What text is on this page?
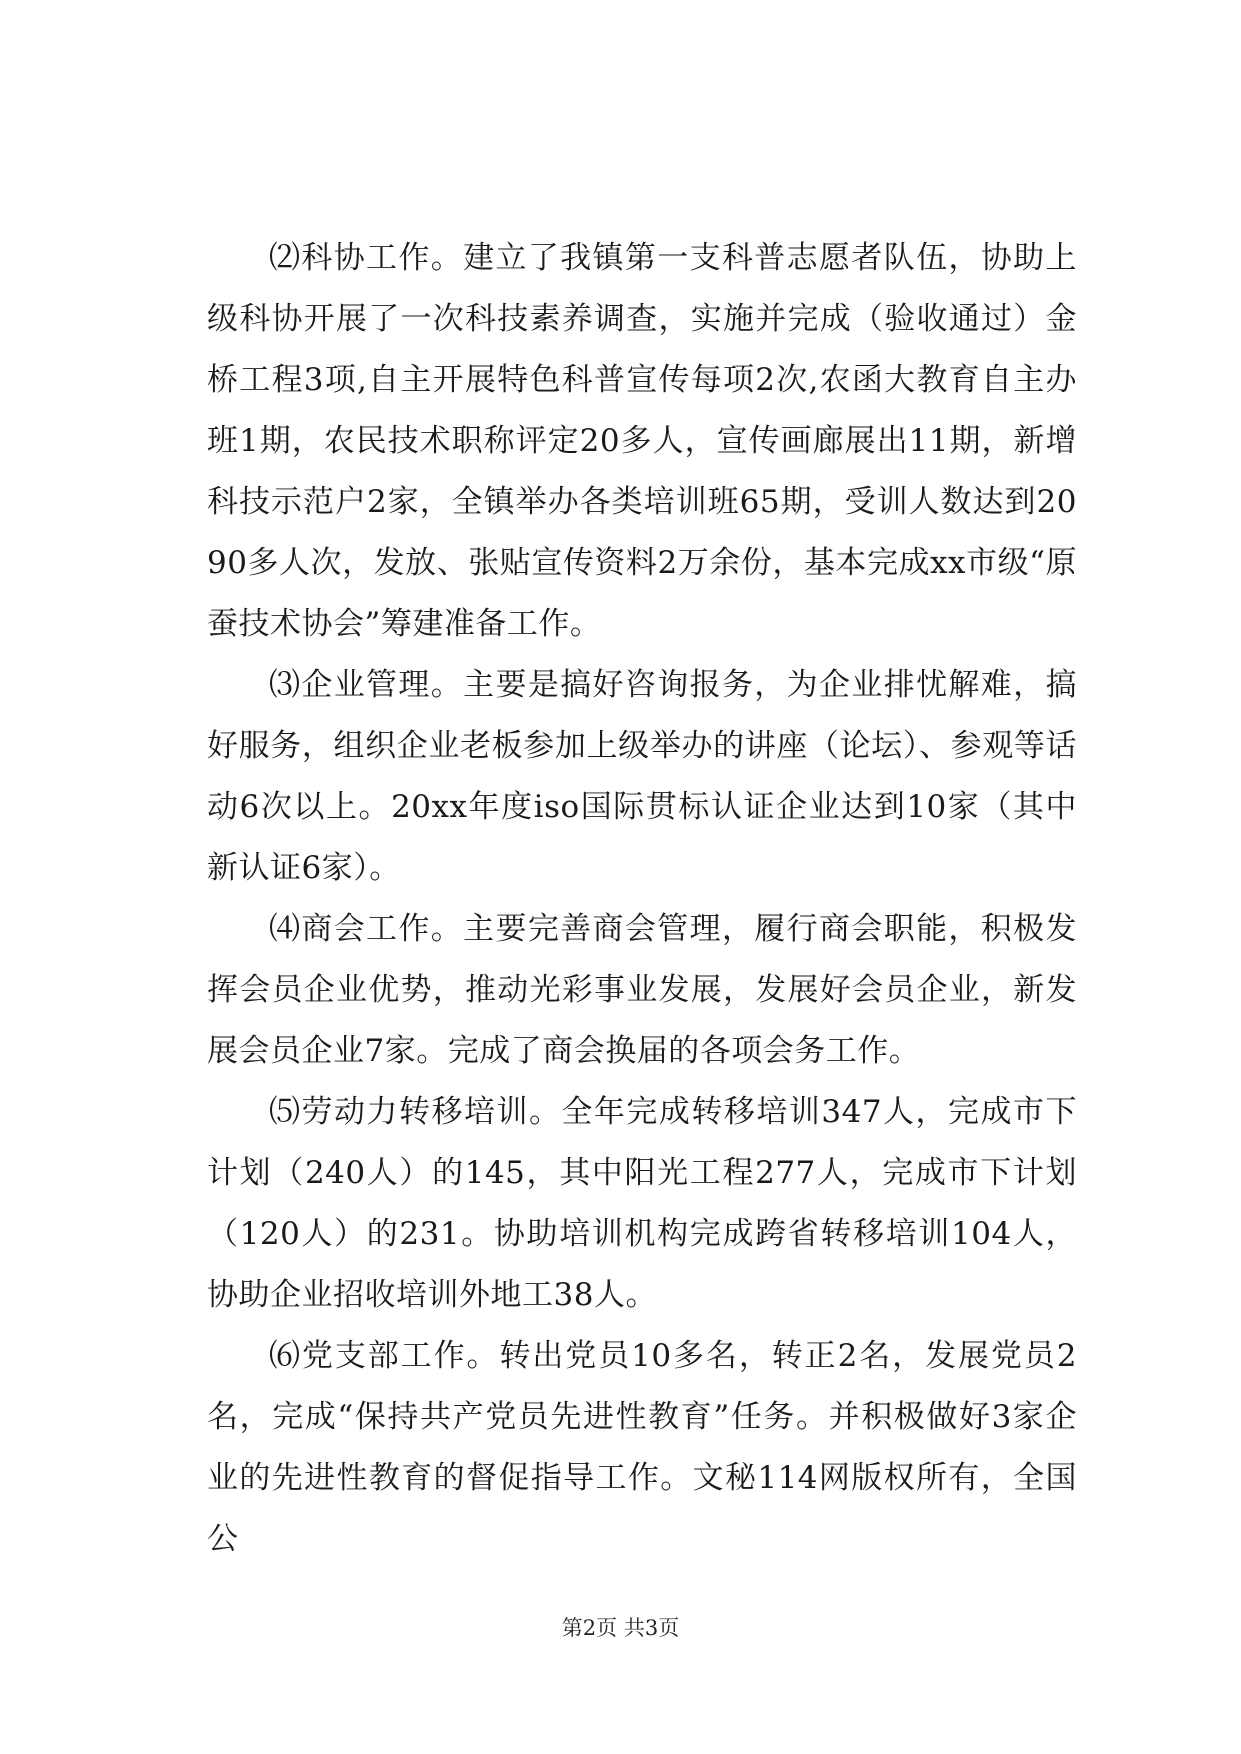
⑵科协工作。建立了我镇第一支科普志愿者队伍，协助上级科协开展了一次科技素养调查，实施并完成（验收通过）金桥工程3项,自主开展特色科普宣传每项2次,农函大教育自主办班1期，农民技术职称评定20多人，宣传画廊展出11期，新增科技示范户2家，全镇举办各类培训班65期，受训人数达到2090多人次，发放、张贴宣传资料2万余份，基本完成xx市级“原蚕技术协会”筹建准备工作。

⑶企业管理。主要是搞好咨询报务，为企业排忧解难，搞好服务，组织企业老板参加上级举办的讲座（论坛）、参观等话动6次以上。20xx年度iso国际贯标认证企业达到10家（其中新认证6家）。

⑷商会工作。主要完善商会管理，履行商会职能，积极发挥会员企业优势，推动光彩事业发展，发展好会员企业，新发展会员企业7家。完成了商会换届的各项会务工作。

⑸劳动力转移培训。全年完成转移培训347人，完成市下计划（240人）的145，其中阳光工程277人，完成市下计划（120人）的231。协助培训机构完成跨省转移培训104人，协助企业招收培训外地工38人。

⑹党支部工作。转出党员10多名，转正2名，发展党员2名，完成“保持共产党员先进性教育”任务。并积极做好3家企业的先进性教育的督促指导工作。文秘114网版权所有，全国公

第2页 共3页
